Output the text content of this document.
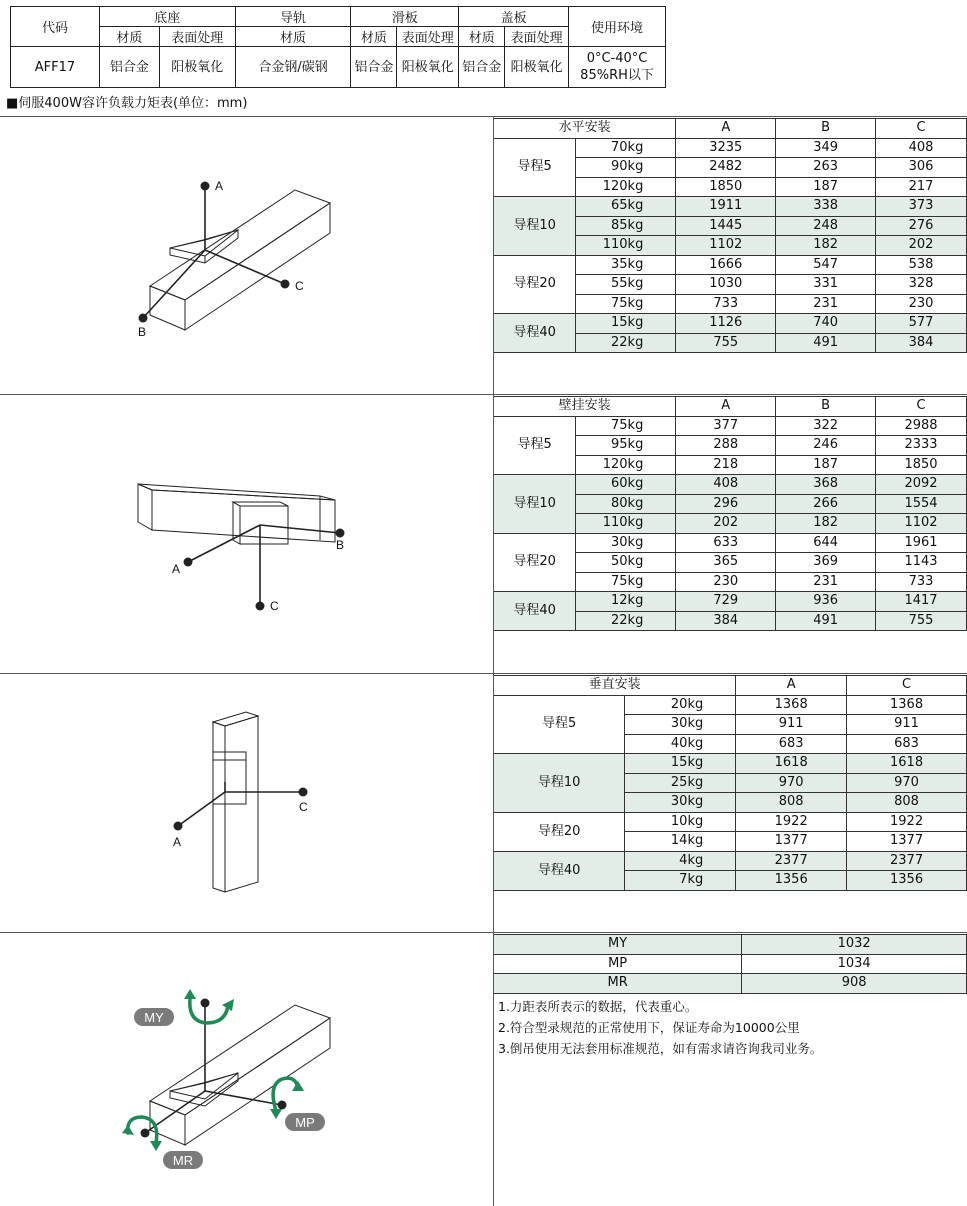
代码	底座		导轨	滑板		盖板		使用环境
	材质	表面处理	材质	材质	表面处理	材质	表面处理	
AFF17	铝合金	阳极氧化	合金钢/碳钢	铝合金	阳极氧化	铝合金	阳极氧化	0°C-40°C
85%RH以下
■伺服400W容许负载力矩表(单位：mm)
水平安装		A	B	C
导程5	70kg	3235	349	408
	90kg	2482	263	306
	120kg	1850	187	217
导程10	65kg	1911	338	373
	85kg	1445	248	276
	110kg	1102	182	202
导程20	35kg	1666	547	538
	55kg	1030	331	328
	75kg	733	231	230
导程40	15kg	1126	740	577
	22kg	755	491	384
壁挂安装		A	B	C
导程5	75kg	377	322	2988
	95kg	288	246	2333
	120kg	218	187	1850
导程10	60kg	408	368	2092
	80kg	296	266	1554
	110kg	202	182	1102
导程20	30kg	633	644	1961
	50kg	365	369	1143
	75kg	230	231	733
导程40	12kg	729	936	1417
	22kg	384	491	755
垂直安装		A	C
导程5	20kg	1368	1368
	30kg	911	911
	40kg	683	683
导程10	15kg	1618	1618
	25kg	970	970
	30kg	808	808
导程20	10kg	1922	1922
	14kg	1377	1377
导程40	4kg	2377	2377
	7kg	1356	1356
MY	1032
MP	1034
MR	908
1.力距表所表示的数据，代表重心。
2.符合型录规范的正常使用下，保证寿命为10000公里
3.倒吊使用无法套用标准规范，如有需求请咨询我司业务。
A
C
B
C
B
A
C
A
MY
MP
MR
